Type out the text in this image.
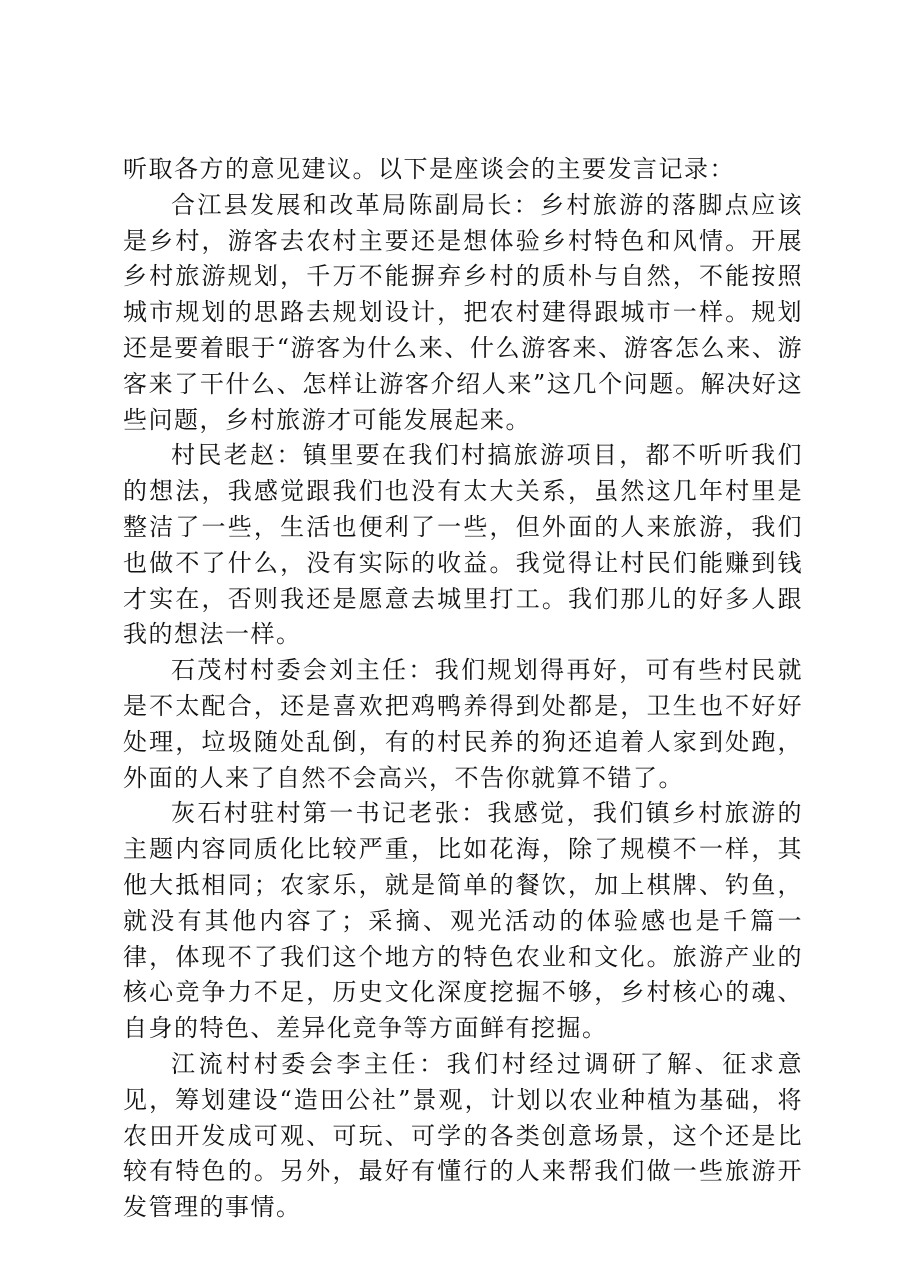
听取各方的意见建议。以下是座谈会的主要发言记录：

合江县发展和改革局陈副局长：乡村旅游的落脚点应该是乡村，游客去农村主要还是想体验乡村特色和风情。开展乡村旅游规划，千万不能摒弃乡村的质朴与自然，不能按照城市规划的思路去规划设计，把农村建得跟城市一样。规划还是要着眼于“游客为什么来、什么游客来、游客怎么来、游客来了干什么、怎样让游客介绍人来”这几个问题。解决好这些问题，乡村旅游才可能发展起来。

村民老赵：镇里要在我们村搞旅游项目，都不听听我们的想法，我感觉跟我们也没有太大关系，虽然这几年村里是整洁了一些，生活也便利了一些，但外面的人来旅游，我们也做不了什么，没有实际的收益。我觉得让村民们能赚到钱才实在，否则我还是愿意去城里打工。我们那儿的好多人跟我的想法一样。

石茂村村委会刘主任：我们规划得再好，可有些村民就是不太配合，还是喜欢把鸡鸭养得到处都是，卫生也不好好处理，垃圾随处乱倒，有的村民养的狗还追着人家到处跑，外面的人来了自然不会高兴，不告你就算不错了。

灰石村驻村第一书记老张：我感觉，我们镇乡村旅游的主题内容同质化比较严重，比如花海，除了规模不一样，其他大抵相同；农家乐，就是简单的餐饮，加上棋牌、钓鱼，就没有其他内容了；采摘、观光活动的体验感也是千篇一律，体现不了我们这个地方的特色农业和文化。旅游产业的核心竞争力不足，历史文化深度挖掘不够，乡村核心的魂、自身的特色、差异化竞争等方面鲜有挖掘。

江流村村委会李主任：我们村经过调研了解、征求意见，筹划建设“造田公社”景观，计划以农业种植为基础，将农田开发成可观、可玩、可学的各类创意场景，这个还是比较有特色的。另外，最好有懂行的人来帮我们做一些旅游开发管理的事情。
